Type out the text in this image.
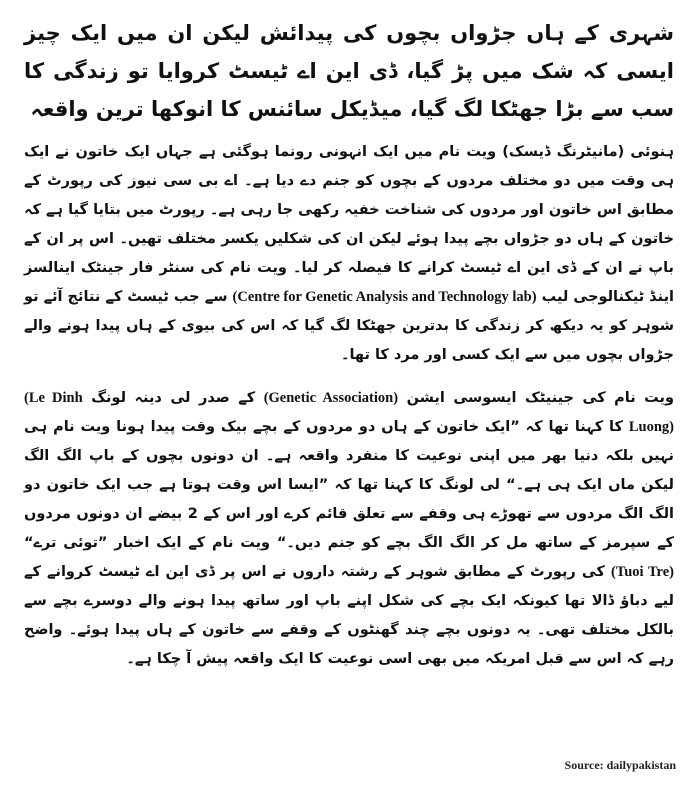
شہری کے ہاں جڑواں بچوں کی پیدائش لیکن ان میں ایک چیز ایسی کہ شک میں پڑ گیا، ڈی این اے ٹیسٹ کروایا تو زندگی کا سب سے بڑا جھٹکا لگ گیا، میڈیکل سائنس کا انوکھا ترین واقعہ

ہنوئی (مانیٹرنگ ڈیسک) ویت نام میں ایک انہونی رونما ہوگئی ہے جہاں ایک خاتون نے ایک ہی وقت میں دو مختلف مردوں کے بچوں کو جنم دے دیا ہے۔ اے بی سی نیوز کی رپورٹ کے مطابق اس خاتون اور مردوں کی شناخت خفیہ رکھی جا رہی ہے۔ رپورٹ میں بتایا گیا ہے کہ خاتون کے ہاں دو جڑواں بچے پیدا ہوئے لیکن ان کی شکلیں یکسر مختلف تھیں۔ اس پر ان کے باپ نے ان کے ڈی این اے ٹیسٹ کرانے کا فیصلہ کر لیا۔ ویت نام کی سنٹر فار جینٹک اینالسز اینڈ ٹیکنالوجی لیب (Centre for Genetic Analysis and Technology lab) سے جب ٹیسٹ کے نتائج آئے تو شوہر کو یہ دیکھ کر زندگی کا بدترین جھٹکا لگ گیا کہ اس کی بیوی کے ہاں پیدا ہونے والے جڑواں بچوں میں سے ایک کسی اور مرد کا تھا۔

ویت نام کی جینیٹک ایسوسی ایشن (Genetic Association) کے صدر لی دینہ لونگ (Le Dinh Luong) کا کہنا تھا کہ ”ایک خاتون کے ہاں دو مردوں کے بچے بیک وقت پیدا ہونا ویت نام ہی نہیں بلکہ دنیا بھر میں اپنی نوعیت کا منفرد واقعہ ہے۔ ان دونوں بچوں کے باپ الگ الگ لیکن ماں ایک ہی ہے۔“ لی لونگ کا کہنا تھا کہ ”ایسا اس وقت ہوتا ہے جب ایک خاتون دو الگ الگ مردوں سے تھوڑے ہی وقفے سے تعلق قائم کرے اور اس کے 2 بیضے ان دونوں مردوں کے سپرمز کے ساتھ مل کر الگ الگ بچے کو جنم دیں۔“ ویت نام کے ایک اخبار ”توئی ترے“ (Tuoi Tre) کی رپورٹ کے مطابق شوہر کے رشتہ داروں نے اس پر ڈی این اے ٹیسٹ کروانے کے لیے دباؤ ڈالا تھا کیونکہ ایک بچے کی شکل اپنے باپ اور ساتھ پیدا ہونے والے دوسرے بچے سے بالکل مختلف تھی۔ یہ دونوں بچے چند گھنٹوں کے وقفے سے خاتون کے ہاں پیدا ہوئے۔ واضح رہے کہ اس سے قبل امریکہ میں بھی اسی نوعیت کا ایک واقعہ پیش آ چکا ہے۔

Source: dailypakistan
